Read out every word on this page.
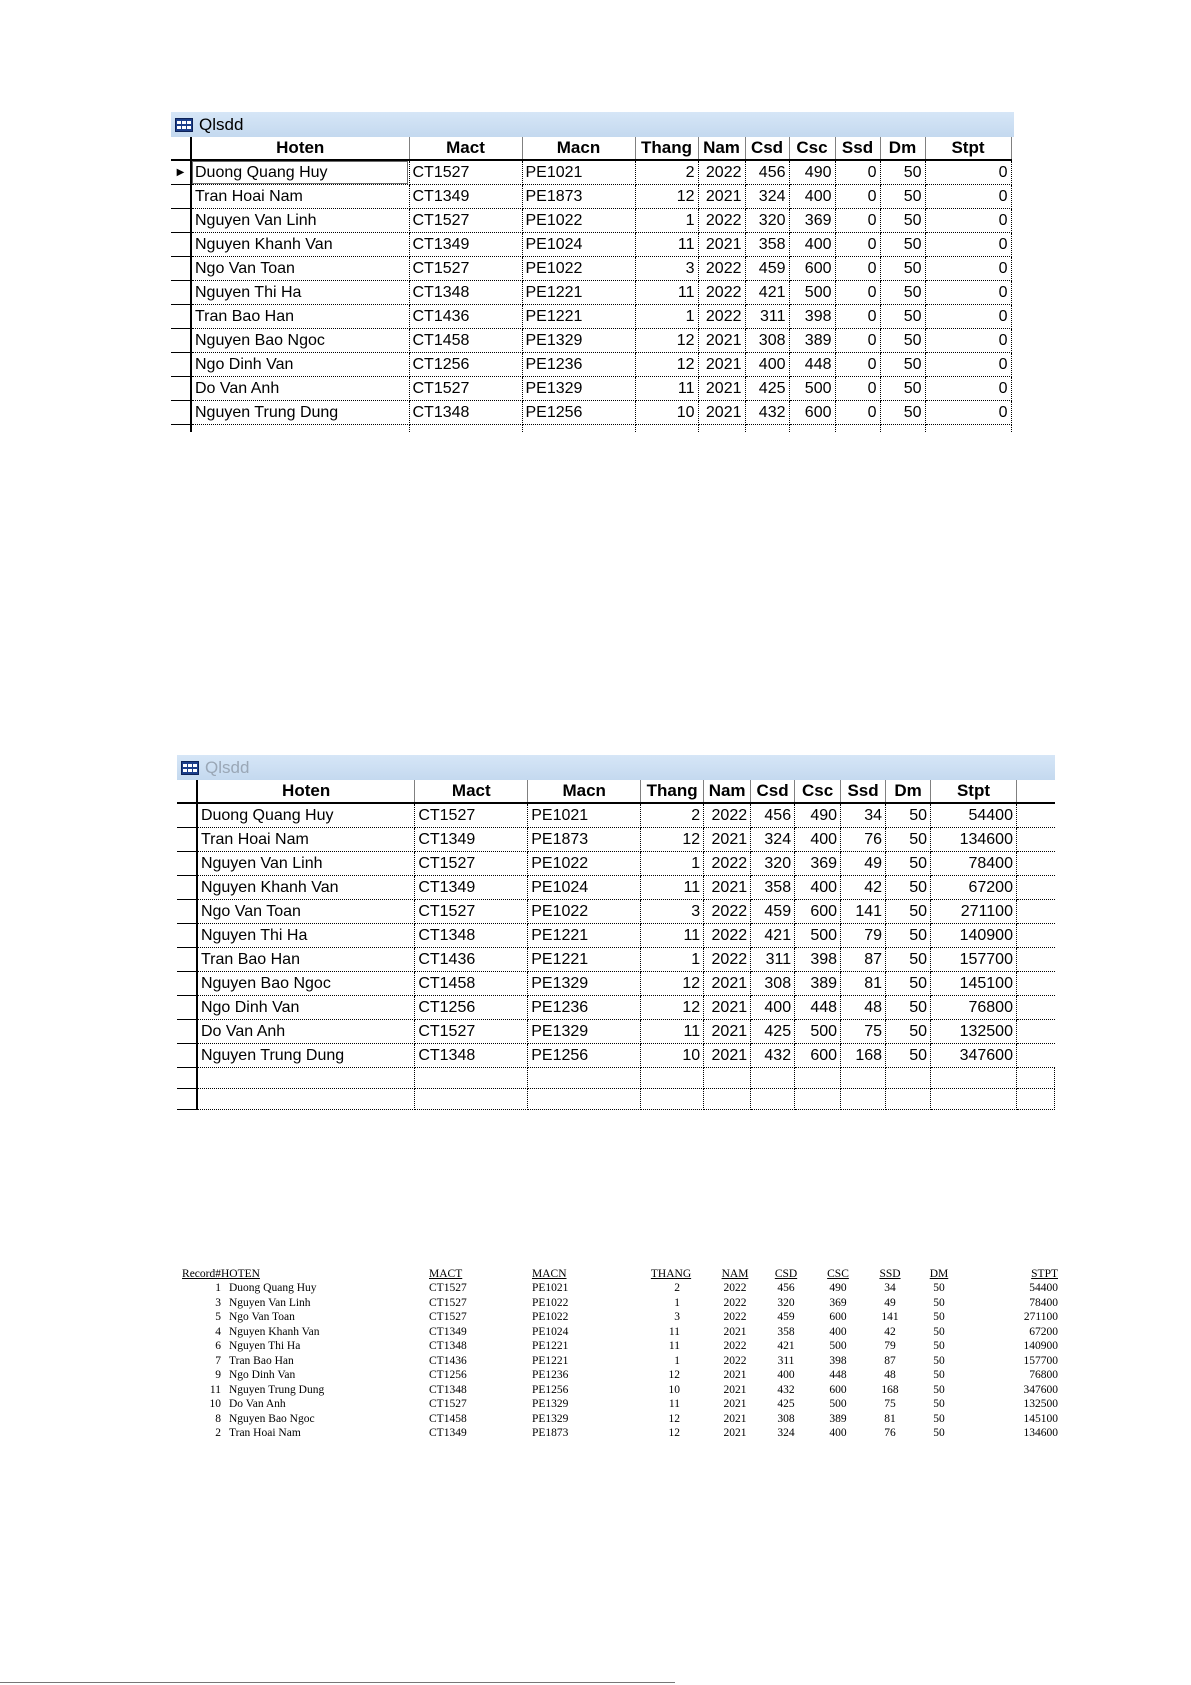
Qlsdd
	Hoten	Mact	Macn	Thang	Nam	Csd	Csc	Ssd	Dm	Stpt
▶	Duong Quang Huy	CT1527	PE1021	2	2022	456	490	0	50	0
	Tran Hoai Nam	CT1349	PE1873	12	2021	324	400	0	50	0
	Nguyen Van Linh	CT1527	PE1022	1	2022	320	369	0	50	0
	Nguyen Khanh Van	CT1349	PE1024	11	2021	358	400	0	50	0
	Ngo Van Toan	CT1527	PE1022	3	2022	459	600	0	50	0
	Nguyen Thi Ha	CT1348	PE1221	11	2022	421	500	0	50	0
	Tran Bao Han	CT1436	PE1221	1	2022	311	398	0	50	0
	Nguyen Bao Ngoc	CT1458	PE1329	12	2021	308	389	0	50	0
	Ngo Dinh Van	CT1256	PE1236	12	2021	400	448	0	50	0
	Do Van Anh	CT1527	PE1329	11	2021	425	500	0	50	0
	Nguyen Trung Dung	CT1348	PE1256	10	2021	432	600	0	50	0

Qlsdd
	Hoten	Mact	Macn	Thang	Nam	Csd	Csc	Ssd	Dm	Stpt	
	Duong Quang Huy	CT1527	PE1021	2	2022	456	490	34	50	54400	
	Tran Hoai Nam	CT1349	PE1873	12	2021	324	400	76	50	134600	
	Nguyen Van Linh	CT1527	PE1022	1	2022	320	369	49	50	78400	
	Nguyen Khanh Van	CT1349	PE1024	11	2021	358	400	42	50	67200	
	Ngo Van Toan	CT1527	PE1022	3	2022	459	600	141	50	271100	
	Nguyen Thi Ha	CT1348	PE1221	11	2022	421	500	79	50	140900	
	Tran Bao Han	CT1436	PE1221	1	2022	311	398	87	50	157700	
	Nguyen Bao Ngoc	CT1458	PE1329	12	2021	308	389	81	50	145100	
	Ngo Dinh Van	CT1256	PE1236	12	2021	400	448	48	50	76800	
	Do Van Anh	CT1527	PE1329	11	2021	425	500	75	50	132500	
	Nguyen Trung Dung	CT1348	PE1256	10	2021	432	600	168	50	347600	

Record#	HOTEN	MACT	MACN	THANG	NAM	CSD	CSC	SSD	DM	STPT
1	Duong Quang Huy	CT1527	PE1021	2	2022	456	490	34	50	54400
3	Nguyen Van Linh	CT1527	PE1022	1	2022	320	369	49	50	78400
5	Ngo Van Toan	CT1527	PE1022	3	2022	459	600	141	50	271100
4	Nguyen Khanh Van	CT1349	PE1024	11	2021	358	400	42	50	67200
6	Nguyen Thi Ha	CT1348	PE1221	11	2022	421	500	79	50	140900
7	Tran Bao Han	CT1436	PE1221	1	2022	311	398	87	50	157700
9	Ngo Dinh Van	CT1256	PE1236	12	2021	400	448	48	50	76800
11	Nguyen Trung Dung	CT1348	PE1256	10	2021	432	600	168	50	347600
10	Do Van Anh	CT1527	PE1329	11	2021	425	500	75	50	132500
8	Nguyen Bao Ngoc	CT1458	PE1329	12	2021	308	389	81	50	145100
2	Tran Hoai Nam	CT1349	PE1873	12	2021	324	400	76	50	134600
